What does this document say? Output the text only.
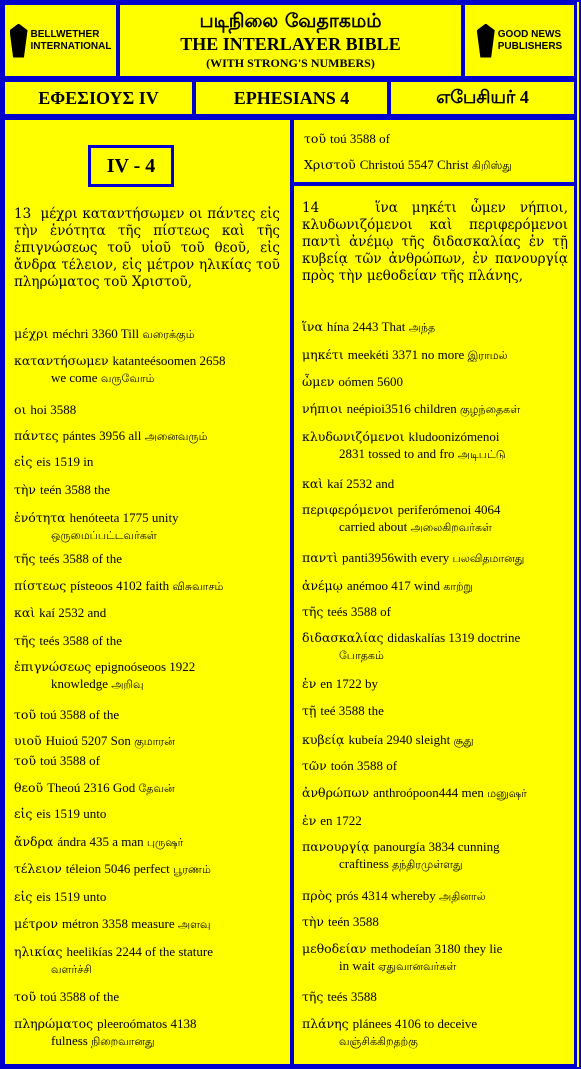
BELLWETHER
INTERNATIONAL
படிநிலை வேதாகமம்
THE INTERLAYER BIBLE
(WITH STRONG'S NUMBERS)
GOOD NEWS
PUBLISHERS
ΕΦΕΣΙΟΥΣ IV	EPHESIANS 4	எபேசியர் 4
IV - 4
13 μέχρι καταντήσωμεν οι πάντες εἰς τὴν ἑνότητα τῆς πίστεως καὶ τῆς ἐπιγνώσεως τοῦ υἱοῦ τοῦ θεοῦ, εἰς ἄνδρα τέλειον, εἰς μέτρον ηλικίας τοῦ πληρώματος τοῦ Χριστοῦ,
μέχρι méchri 3360 Till வரைக்கும்
καταντήσωμεν katanteésoomen 2658
we come வருவோம்
οι hoi 3588
πάντες pántes 3956 all அனைவரும்
εἰς eis 1519 in
τὴν teén 3588 the
ἑνότητα henóteeta 1775 unity
ஒருமைப்பட்டவர்கள்
τῆς teés 3588 of the
πίστεως písteoos 4102 faith விசுவாசம்
καὶ kaí 2532 and
τῆς teés 3588 of the
ἐπιγνώσεως epignoóseoos 1922
knowledge அறிவு
τοῦ toú 3588 of the
υιοῦ Huioú 5207 Son குமாரன்
τοῦ toú 3588 of
θεοῦ Theoú 2316 God தேவன்
εἰς eis 1519 unto
ἄνδρα ándra 435 a man புருஷர்
τέλειον téleion 5046 perfect பூரணம்
εἰς eis 1519 unto
μέτρον métron 3358 measure அளவு
ηλικίας heelikías 2244 of the stature
வளர்ச்சி
τοῦ toú 3588 of the
πληρώματος pleeroómatos 4138
fulness நிறைவானது
τοῦ toú 3588 of
Χριστοῦ Christoú 5547 Christ கிறிஸ்து
14	ἵνα μηκέτι ὦμεν νήπιοι, κλυδωνιζόμενοι καὶ περιφερόμενοι παντὶ ἀνέμῳ τῆς διδασκαλίας ἐν τῇ κυβείᾳ τῶν ἀνθρώπων, ἐν πανουργίᾳ πρὸς τὴν μεθοδείαν τῆς πλάνης,
ἵνα hína 2443 That அந்த
μηκέτι meekéti 3371 no more இராமல்
ὦμεν oómen 5600
νήπιοι neépioi3516 children குழந்தைகள்
κλυδωνιζόμενοι kludoonizómenoi
2831 tossed to and fro அடிபட்டு
καὶ kaí 2532 and
περιφερόμενοι periferómenoi 4064
carried about அலைகிறவர்கள்
παντὶ panti3956with every பலவிதமானது
ἀνέμῳ anémoo 417 wind காற்று
τῆς teés 3588 of
διδασκαλίας didaskalías 1319 doctrine
போதகம்
ἐν en 1722 by
τῇ teé 3588 the
κυβείᾳ kubeía 2940 sleight சூது
τῶν toón 3588 of
ἀνθρώπων anthroópoon444 men மனுஷர்
ἐν en 1722
πανουργίᾳ panourgía 3834 cunning
craftiness தந்திரமுள்ளது
πρὸς prós 4314 whereby அதினால்
τὴν teén 3588
μεθοδείαν methodeían 3180 they lie
in wait ஏதுவானவர்கள்
τῆς teés 3588
πλάνης plánees 4106 to deceive
வஞ்சிக்கிறதற்கு
